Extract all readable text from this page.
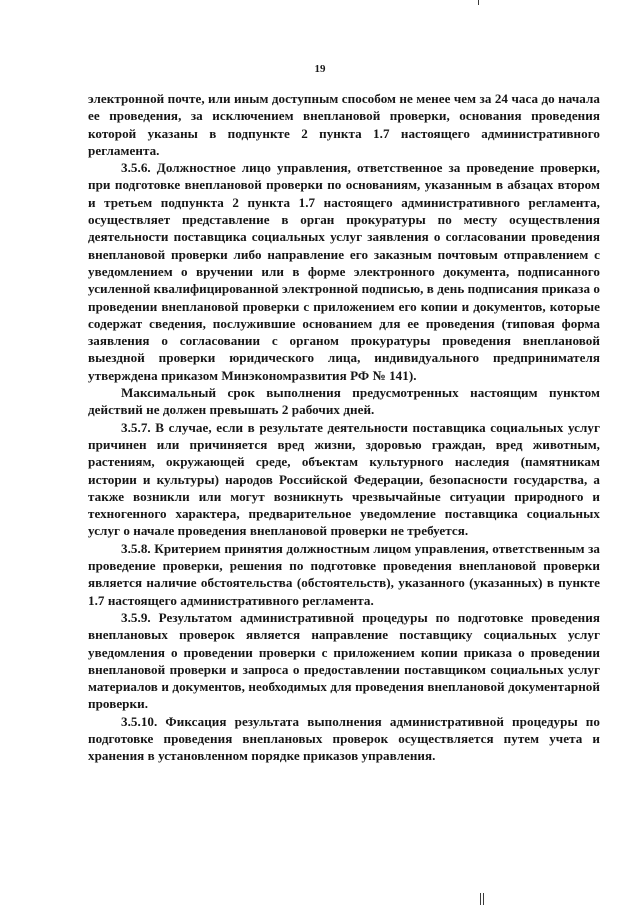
19

электронной почте, или иным доступным способом не менее чем за 24 часа до начала ее проведения, за исключением внеплановой проверки, основания проведения которой указаны в подпункте 2 пункта 1.7 настоящего административного регламента.

3.5.6. Должностное лицо управления, ответственное за проведение проверки, при подготовке внеплановой проверки по основаниям, указанным в абзацах втором и третьем подпункта 2 пункта 1.7 настоящего административного регламента, осуществляет представление в орган прокуратуры по месту осуществления деятельности поставщика социальных услуг заявления о согласовании проведения внеплановой проверки либо направление его заказным почтовым отправлением с уведомлением о вручении или в форме электронного документа, подписанного усиленной квалифицированной электронной подписью, в день подписания приказа о проведении внеплановой проверки с приложением его копии и документов, которые содержат сведения, послужившие основанием для ее проведения (типовая форма заявления о согласовании с органом прокуратуры проведения внеплановой выездной проверки юридического лица, индивидуального предпринимателя утверждена приказом Минэкономразвития РФ № 141).

Максимальный срок выполнения предусмотренных настоящим пунктом действий не должен превышать 2 рабочих дней.

3.5.7. В случае, если в результате деятельности поставщика социальных услуг причинен или причиняется вред жизни, здоровью граждан, вред животным, растениям, окружающей среде, объектам культурного наследия (памятникам истории и культуры) народов Российской Федерации, безопасности государства, а также возникли или могут возникнуть чрезвычайные ситуации природного и техногенного характера, предварительное уведомление поставщика социальных услуг о начале проведения внеплановой проверки не требуется.

3.5.8. Критерием принятия должностным лицом управления, ответственным за проведение проверки, решения по подготовке проведения внеплановой проверки является наличие обстоятельства (обстоятельств), указанного (указанных) в пункте 1.7 настоящего административного регламента.

3.5.9. Результатом административной процедуры по подготовке проведения внеплановых проверок является направление поставщику социальных услуг уведомления о проведении проверки с приложением копии приказа о проведении внеплановой проверки и запроса о предоставлении поставщиком социальных услуг материалов и документов, необходимых для проведения внеплановой документарной проверки.

3.5.10. Фиксация результата выполнения административной процедуры по подготовке проведения внеплановых проверок осуществляется путем учета и хранения в установленном порядке приказов управления.
